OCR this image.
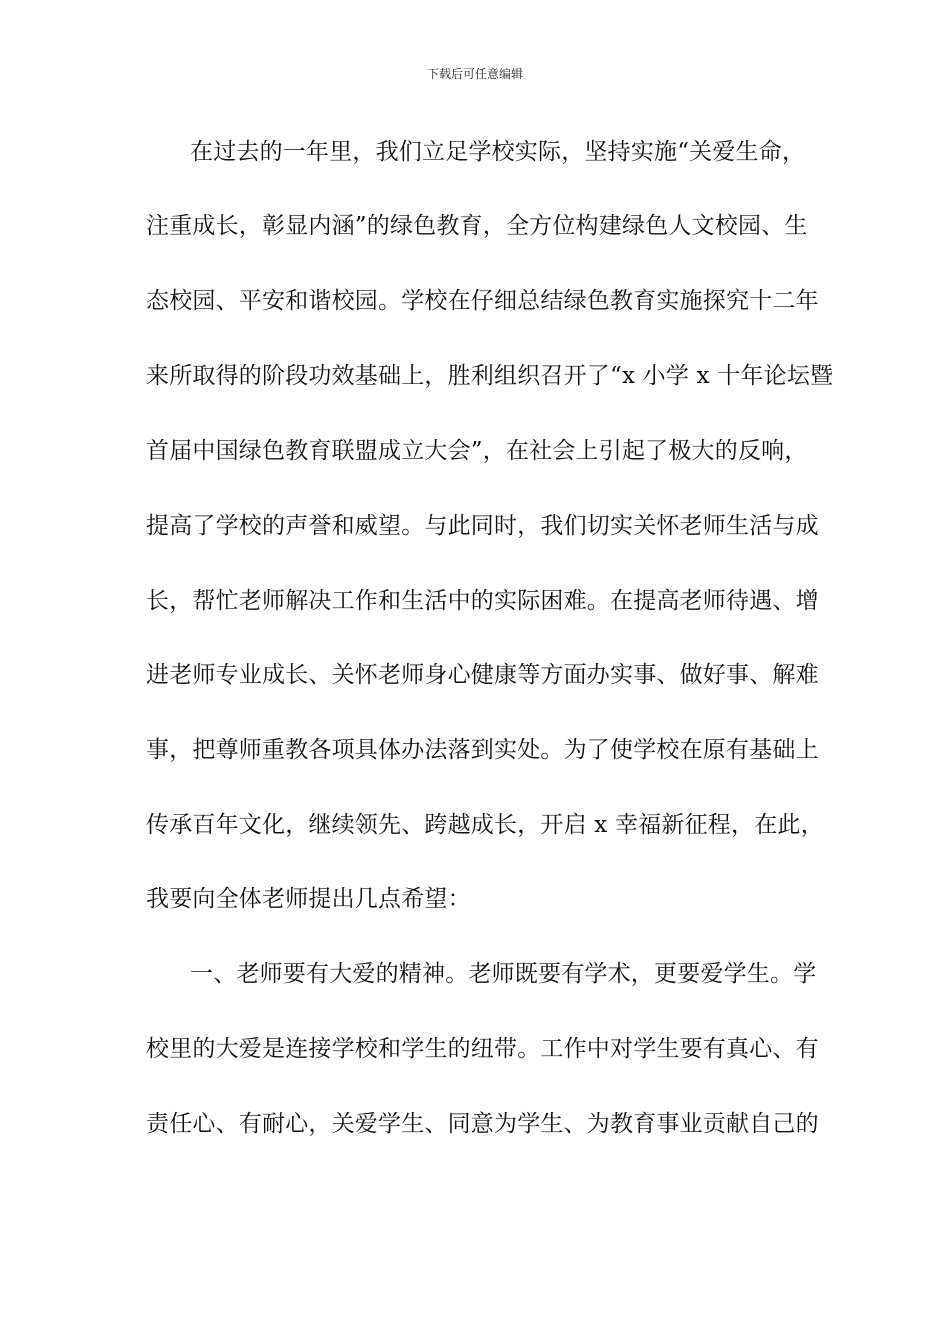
下载后可任意编辑
在过去的一年里，我们立足学校实际，坚持实施“关爱生命，
注重成长，彰显内涵”的绿色教育，全方位构建绿色人文校园、生
态校园、平安和谐校园。学校在仔细总结绿色教育实施探究十二年
来所取得的阶段功效基础上，胜利组织召开了“x 小学 x 十年论坛暨
首届中国绿色教育联盟成立大会”，在社会上引起了极大的反响，
提高了学校的声誉和威望。与此同时，我们切实关怀老师生活与成
长，帮忙老师解决工作和生活中的实际困难。在提高老师待遇、增
进老师专业成长、关怀老师身心健康等方面办实事、做好事、解难
事，把尊师重教各项具体办法落到实处。为了使学校在原有基础上
传承百年文化，继续领先、跨越成长，开启 x 幸福新征程，在此，
我要向全体老师提出几点希望：
一、老师要有大爱的精神。老师既要有学术，更要爱学生。学
校里的大爱是连接学校和学生的纽带。工作中对学生要有真心、有
责任心、有耐心，关爱学生、同意为学生、为教育事业贡献自己的
